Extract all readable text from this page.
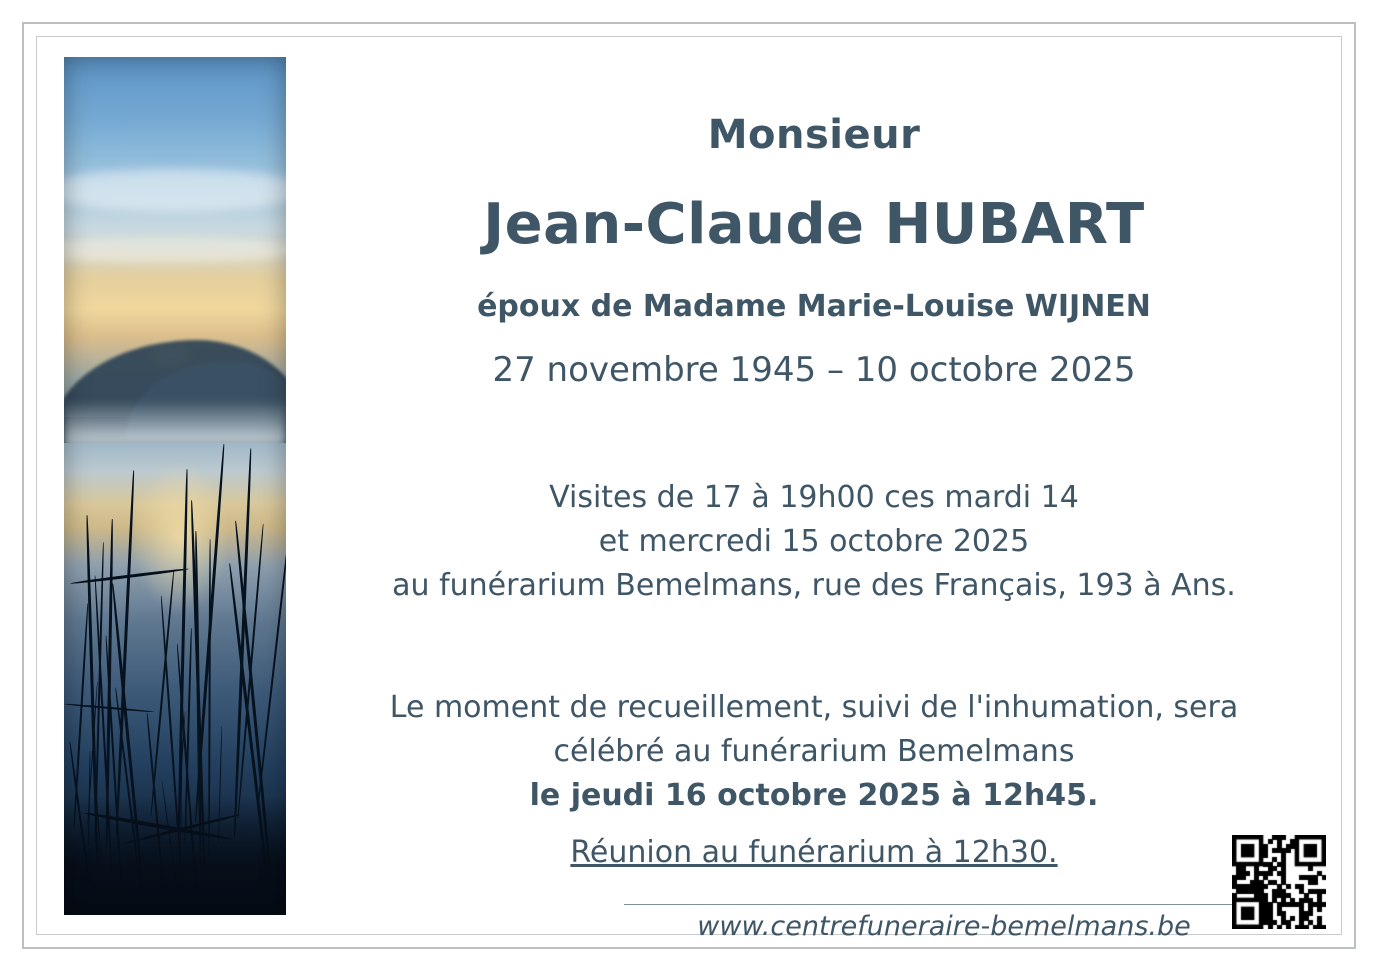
Monsieur
Jean-Claude HUBART
époux de Madame Marie-Louise WIJNEN
27 novembre 1945 – 10 octobre 2025
Visites de 17 à 19h00 ces mardi 14
et mercredi 15 octobre 2025
au funérarium Bemelmans, rue des Français, 193 à Ans.
Le moment de recueillement, suivi de l'inhumation, sera
célébré au funérarium Bemelmans
le jeudi 16 octobre 2025 à 12h45.
Réunion au funérarium à 12h30.
www.centrefuneraire-bemelmans.be
